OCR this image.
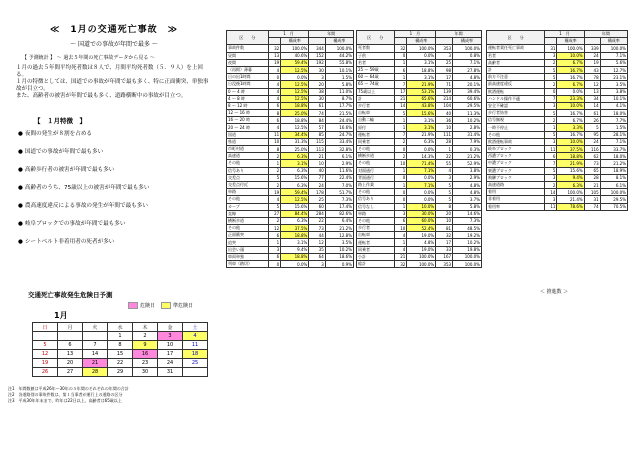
≪　1月の交通死亡事故　≫
～ 国道での事故が年間で最多 ～
【 予測統計 】 ～ 過去５年間の死亡事故データから見る ～
１月の過去５年間平均死者数は８人で、月間平均死者数（５．９人）を上回る。
１月の特徴としては、国道での事故が年間で最も多く、特に正面衝突、単独事故が目立つ。
また、高齢者の被害が年間で最も多く、道路横断中の事故が目立つ。
【　１月特徴　】
● 夜間の発生が８割を占める
● 国道での事故が年間で最も多い
● 高齢歩行者の被害が年間で最も多い
● 高齢者のうち、75歳以上の被害が年間で最も多い
● 農高速度違反による事故の発生が年間で最も多い
● 岐阜ブロックでの事故が年間で最も多い
● シートベルト非着用者の死者が多い
交通死亡事故発生危険日予測
1月
危険日	準危険日
日	月	火	水	木	金	土
			1	2	3	4
5	6	7	8	9	10	11
12	13	14	15	16	17	18
19	20	21	22	23	24	25
26	27	28	29	30	31	
注1　年間数値は平成26年～30年の５年間のそれぞれの年間の合計
注2　各道路別の事故件数は、第１当事者が運行上の道路の区分
注3　平成30年年末まで、昨年は22日以上、高齢者は65歳以上
区　　分	1　月		年間	
		構成率		構成率
事故件数	32	100.0%	344	100.0%
昼間	13	40.6%	152	44.2%
夜間	19	59.4%	192	55.8%
（再掲）薄暮	4	12.5%	30	10.1%
日の出1時間	0	0.0%	3	1.5%
日没後1時間	4	12.5%	20	5.8%
0 ～ 4 時	4	12.5%	38	11.0%
4 ～ 8 時	4	12.5%	30	8.7%
8 ～ 12 時	6	18.8%	61	17.7%
12 ～ 16 時	8	25.0%	74	21.5%
16 ～ 20 時	6	18.8%	84	24.4%
20 ～ 24 時	4	12.5%	57	16.6%
国道	11	34.4%	85	24.7%
県道	10	31.3%	115	33.4%
市町村道	8	25.0%	113	32.8%
高速道	2	6.3%	21	6.1%
その他	1	3.1%	10	2.9%
信号あり	2	6.3%	40	11.6%
交差点	5	15.6%	77	22.4%
交差点付近	2	6.3%	24	7.0%
単路	19	59.4%	178	51.7%
その他	4	12.5%	25	7.3%
カーブ	5	15.6%	60	17.4%
直線	27	84.4%	284	82.6%
横断歩道	2	6.3%	22	6.4%
その他	12	37.5%	73	21.2%
正面衝突	6	18.8%	44	12.8%
追突	1	3.1%	12	3.5%
出会い頭	3	9.4%	35	10.2%
車両単独	6	18.8%	64	18.6%
列車（踏切）	0	0.0%	3	0.9%
区　　分	1　月		年間	
		構成率		構成率
死者数	32	100.0%	353	100.0%
子供	0	0.0%	3	0.8%
若者	1	3.1%	25	7.1%
25 ～ 59歳	6	18.8%	98	27.8%
60 ～ 64歳	1	3.1%	17	4.8%
65 ～ 74歳	7	21.9%	71	20.1%
75歳以上	17	53.1%	139	39.4%
計	21	65.6%	214	60.6%
歩行者	14	43.8%	104	29.5%
自転車	5	15.6%	40	11.3%
自動二輪	1	3.1%	36	10.2%
原付	1	3.1%	10	2.8%
運転者	7	21.9%	111	31.4%
同乗者	2	6.3%	28	7.9%
その他	0	0.0%	1	0.3%
横断歩道	2	14.3%	22	21.2%
その他	10	71.4%	55	52.9%
対面通行	1	7.1%	4	3.8%
背面通行	0	0.0%	3	2.9%
路上作業	1	7.1%	5	4.8%
その他	0	0.0%	5	4.8%
信号あり	0	0.0%	5	3.7%
信号なし	1	10.0%	8	5.8%
単路	3	30.0%	20	14.6%
その他	6	60.0%	10	7.3%
歩行者	10	52.4%	81	48.5%
自転車	4	19.0%	32	19.2%
運転者	1	4.8%	17	10.2%
同乗者	4	19.0%	33	19.8%
小計	21	100.0%	167	100.0%
総計	32	100.0%	353	100.0%
区　　分	1　月		年間	
		構成率		構成率
運転者責任死亡事故	31	100.0%	339	100.0%
若者	3	10.0%	24	7.1%
高齢者	2	6.7%	19	5.6%
計	5	16.7%	43	12.7%
前方不注意	5	16.7%	78	23.1%
最高速度違反	2	6.7%	12	3.5%
飲酒運転	0	0.0%	13	3.8%
ハンドル操作不適	7	23.3%	34	10.1%
安全不確認	3	10.0%	14	4.1%
歩行者妨害	5	16.7%	61	18.0%
信号無視	2	6.7%	26	7.7%
一時不停止	1	3.3%	5	1.5%
その他	5	16.7%	95	28.1%
飲酒運転事故	3	10.0%	24	7.1%
岐阜ブロック	11	37.5%	116	33.7%
西濃ブロック	6	18.8%	62	18.0%
中濃ブロック	7	21.9%	73	21.2%
東濃ブロック	5	15.6%	65	18.9%
飛騨ブロック	3	9.4%	28	8.1%
高速道路	2	6.3%	21	6.1%
着用	14	100.0%	105	100.0%
非着用	3	21.4%	31	29.5%
着用率	11	78.6%	74	70.5%
＜ 推進数 ＞
